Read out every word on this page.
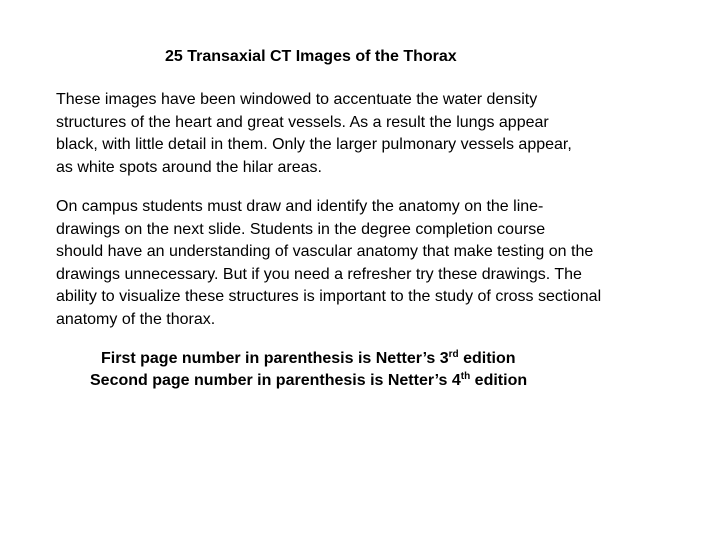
25 Transaxial CT Images of the Thorax
These images have been windowed to accentuate the water density
structures of the heart and great vessels. As a result the lungs appear
black, with little detail in them. Only the larger pulmonary vessels appear,
as white spots around the hilar areas.
On campus students must draw and identify the anatomy on the line-
drawings on the next slide. Students in the degree completion course
should have an understanding of vascular anatomy that make testing on the
drawings unnecessary. But if you need a refresher try these drawings. The
ability to visualize these structures is important to the study of cross sectional
anatomy of the thorax.
First page number in parenthesis is Netter’s 3rd edition
Second page number in parenthesis is Netter’s 4th edition
